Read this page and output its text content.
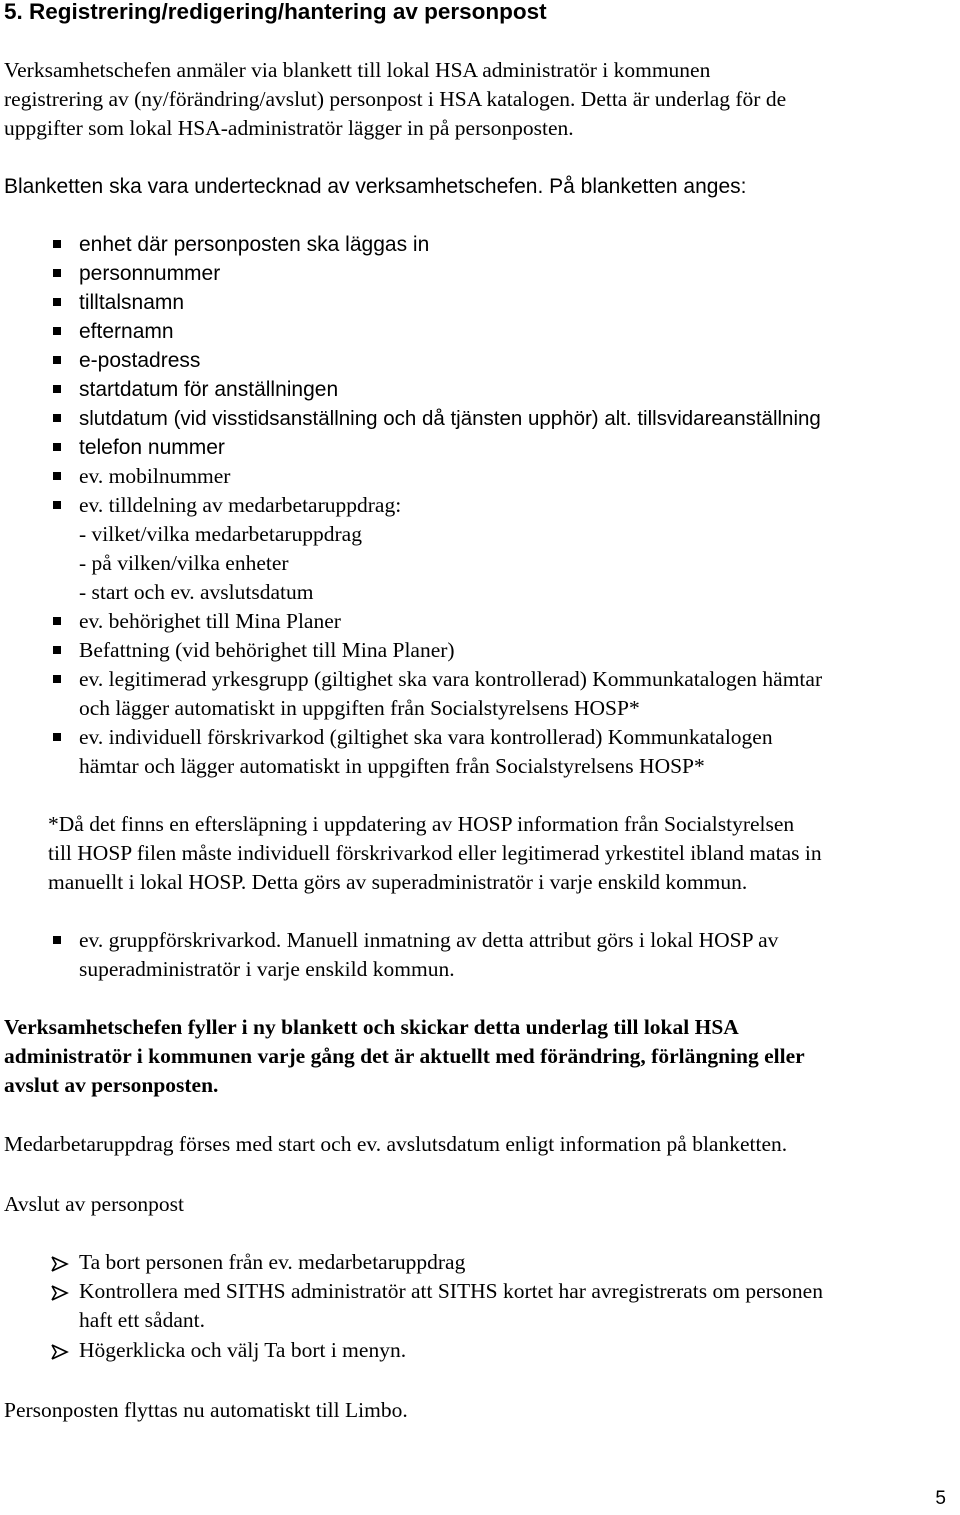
5. Registrering/redigering/hantering av personpost
Verksamhetschefen anmäler via blankett till lokal HSA administratör i kommunen
registrering av (ny/förändring/avslut) personpost i HSA katalogen. Detta är underlag för de
uppgifter som lokal HSA-administratör lägger in på personposten.
Blanketten ska vara undertecknad av verksamhetschefen. På blanketten anges:
enhet där personposten ska läggas in
personnummer
tilltalsnamn
efternamn
e-postadress
startdatum för anställningen
slutdatum (vid visstidsanställning och då tjänsten upphör) alt. tillsvidareanställning
telefon nummer
ev. mobilnummer
ev. tilldelning av medarbetaruppdrag:
- vilket/vilka medarbetaruppdrag
- på vilken/vilka enheter
- start och ev. avslutsdatum
ev. behörighet till Mina Planer
Befattning (vid behörighet till Mina Planer)
ev. legitimerad yrkesgrupp (giltighet ska vara kontrollerad) Kommunkatalogen hämtar
och lägger automatiskt in uppgiften från Socialstyrelsens HOSP*
ev. individuell förskrivarkod (giltighet ska vara kontrollerad) Kommunkatalogen
hämtar och lägger automatiskt in uppgiften från Socialstyrelsens HOSP*
*Då det finns en eftersläpning i uppdatering av HOSP information från Socialstyrelsen
till HOSP filen måste individuell förskrivarkod eller legitimerad yrkestitel ibland matas in
manuellt i lokal HOSP. Detta görs av superadministratör i varje enskild kommun.
ev. gruppförskrivarkod. Manuell inmatning av detta attribut görs i lokal HOSP av
superadministratör i varje enskild kommun.
Verksamhetschefen fyller i ny blankett och skickar detta underlag till lokal HSA
administratör i kommunen varje gång det är aktuellt med förändring, förlängning eller
avslut av personposten.
Medarbetaruppdrag förses med start och ev. avslutsdatum enligt information på blanketten.
Avslut av personpost
Ta bort personen från ev. medarbetaruppdrag
Kontrollera med SITHS administratör att SITHS kortet har avregistrerats om personen
haft ett sådant.
Högerklicka och välj Ta bort i menyn.
Personposten flyttas nu automatiskt till Limbo.
5
